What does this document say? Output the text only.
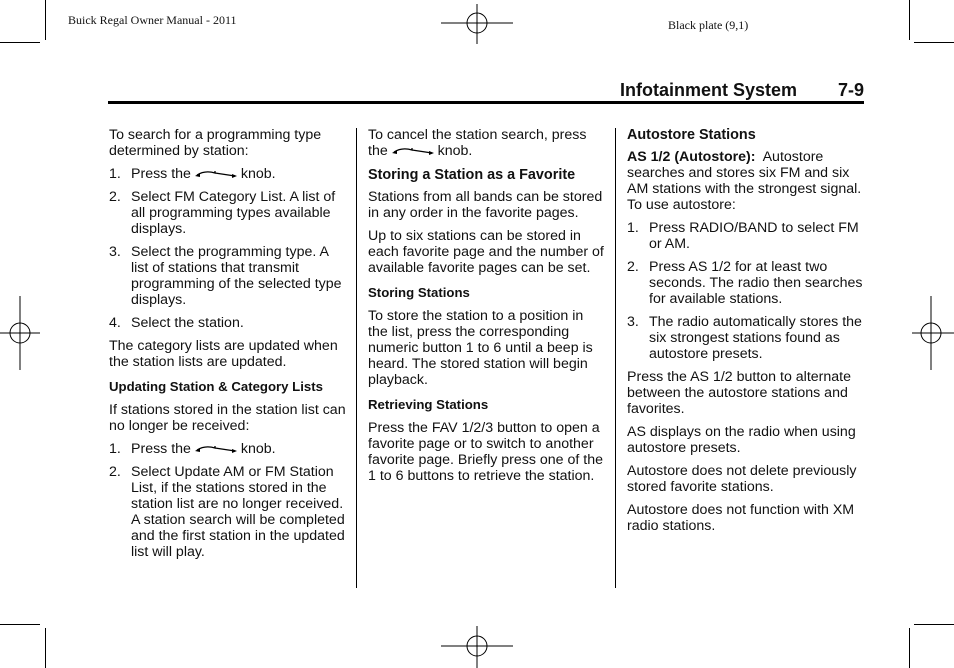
Buick Regal Owner Manual - 2011	Black plate (9,1)
Infotainment System 7-9

To search for a programming type determined by station:

1. Press the	knob.
2. Select FM Category List. A list of all programming types available displays.
3. Select the programming type. A list of stations that transmit programming of the selected type displays.
4. Select the station.

The category lists are updated when the station lists are updated.

Updating Station & Category Lists

If stations stored in the station list can no longer be received:

1. Press the	knob.
2. Select Update AM or FM Station List, if the stations stored in the station list are no longer received. A station search will be completed and the first station in the updated list will play.

To cancel the station search, press the	knob.

Storing a Station as a Favorite

Stations from all bands can be stored in any order in the favorite pages.

Up to six stations can be stored in each favorite page and the number of available favorite pages can be set.

Storing Stations

To store the station to a position in the list, press the corresponding numeric button 1 to 6 until a beep is heard. The stored station will begin playback.

Retrieving Stations

Press the FAV 1/2/3 button to open a favorite page or to switch to another favorite page. Briefly press one of the 1 to 6 buttons to retrieve the station.

Autostore Stations

AS 1/2 (Autostore): Autostore searches and stores six FM and six AM stations with the strongest signal. To use autostore:

1. Press RADIO/BAND to select FM or AM.
2. Press AS 1/2 for at least two seconds. The radio then searches for available stations.
3. The radio automatically stores the six strongest stations found as autostore presets.

Press the AS 1/2 button to alternate between the autostore stations and favorites.

AS displays on the radio when using autostore presets.

Autostore does not delete previously stored favorite stations.

Autostore does not function with XM radio stations.
